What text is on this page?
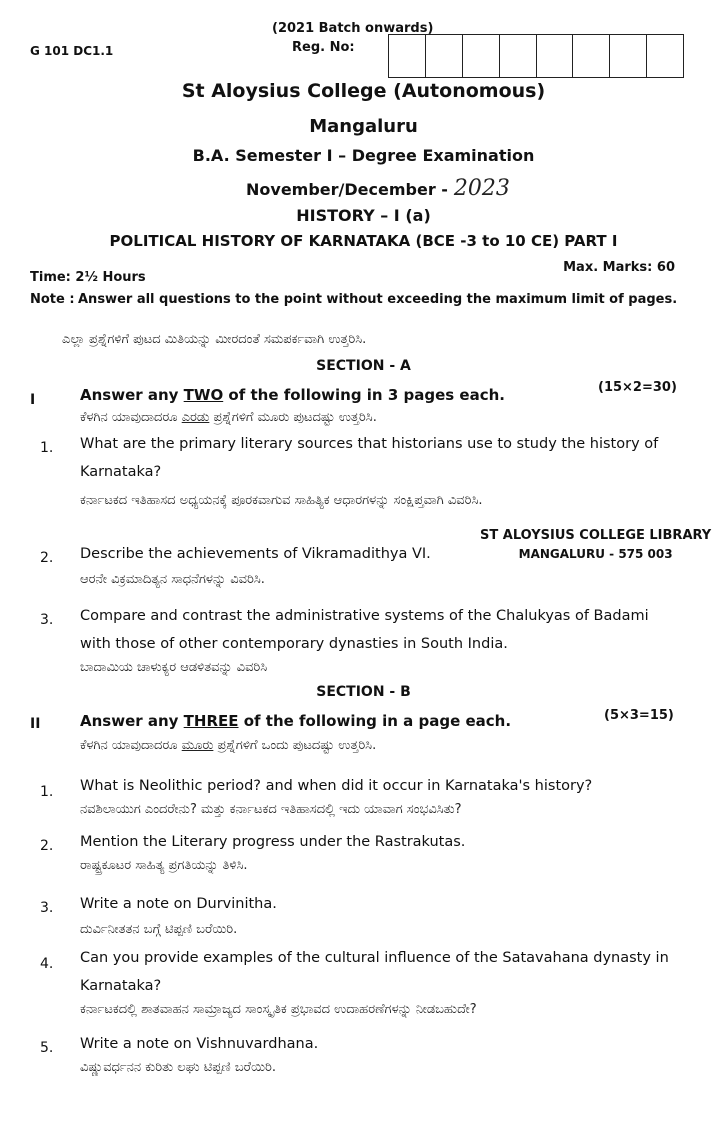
(2021 Batch onwards)
G 101 DC1.1	Reg. No:
St Aloysius College (Autonomous)
Mangaluru
B.A. Semester I – Degree Examination
November/December - 2023
HISTORY – I (a)
POLITICAL HISTORY OF KARNATAKA (BCE -3 to 10 CE) PART I
Max. Marks: 60
Time: 2½ Hours
Note : Answer all questions to the point without exceeding the maximum limit of pages.
ಎಲ್ಲಾ ಪ್ರಶ್ನೆಗಳಿಗೆ ಪುಟದ ಮಿತಿಯನ್ನು ಮೀರದಂತೆ ಸಮಪರ್ಕವಾಗಿ ಉತ್ತರಿಸಿ.
SECTION - A
I	Answer any TWO of the following in 3 pages each.	(15×2=30)
ಕೆಳಗಿನ ಯಾವುದಾದರೂ ಎರಡು ಪ್ರಶ್ನೆಗಳಿಗೆ ಮೂರು ಪುಟದಷ್ಟು ಉತ್ತರಿಸಿ.
1. What are the primary literary sources that historians use to study the history of Karnataka?
ಕರ್ನಾಟಕದ ಇತಿಹಾಸದ ಅಧ್ಯಯನಕ್ಕೆ ಪೂರಕವಾಗುವ ಸಾಹಿತ್ಯಿಕ ಆಧಾರಗಳನ್ನು ಸಂಕ್ಷಿಪ್ತವಾಗಿ ವಿವರಿಸಿ.
ST ALOYSIUS COLLEGE LIBRARY
MANGALURU - 575 003
2. Describe the achievements of Vikramadithya VI.
ಆರನೇ ವಿಕ್ರಮಾದಿತ್ಯನ ಸಾಧನೆಗಳನ್ನು ವಿವರಿಸಿ.
3. Compare and contrast the administrative systems of the Chalukyas of Badami with those of other contemporary dynasties in South India.
ಬಾದಾಮಿಯ ಚಾಳುಕ್ಯರ ಆಡಳಿತವನ್ನು ವಿವರಿಸಿ
SECTION - B
II	Answer any THREE of the following in a page each.	(5×3=15)
ಕೆಳಗಿನ ಯಾವುದಾದರೂ ಮೂರು ಪ್ರಶ್ನೆಗಳಿಗೆ ಒಂದು ಪುಟದಷ್ಟು ಉತ್ತರಿಸಿ.
1. What is Neolithic period? and when did it occur in Karnataka's history?
ನವಶಿಲಾಯುಗ ಎಂದರೇನು? ಮತ್ತು ಕರ್ನಾಟಕದ ಇತಿಹಾಸದಲ್ಲಿ ಇದು ಯಾವಾಗ ಸಂಭವಿಸಿತು?
2. Mention the Literary progress under the Rastrakutas.
ರಾಷ್ಟ್ರಕೂಟರ ಸಾಹಿತ್ಯ ಪ್ರಗತಿಯನ್ನು ತಿಳಿಸಿ.
3. Write a note on Durvinitha.
ದುರ್ವಿನೀತತನ ಬಗ್ಗೆ ಟಿಪ್ಪಣಿ ಬರೆಯಿರಿ.
4. Can you provide examples of the cultural influence of the Satavahana dynasty in Karnataka?
ಕರ್ನಾಟಕದಲ್ಲಿ ಶಾತವಾಹನ ಸಾಮ್ರಾಜ್ಯದ ಸಾಂಸ್ಕೃತಿಕ ಪ್ರಭಾವದ ಉದಾಹರಣೆಗಳನ್ನು ನೀಡಬಹುದೇ?
5. Write a note on Vishnuvardhana.
ವಿಷ್ಣುವರ್ಧನನ ಕುರಿತು ಲಘು ಟಿಪ್ಪಣಿ ಬರೆಯಿರಿ.
